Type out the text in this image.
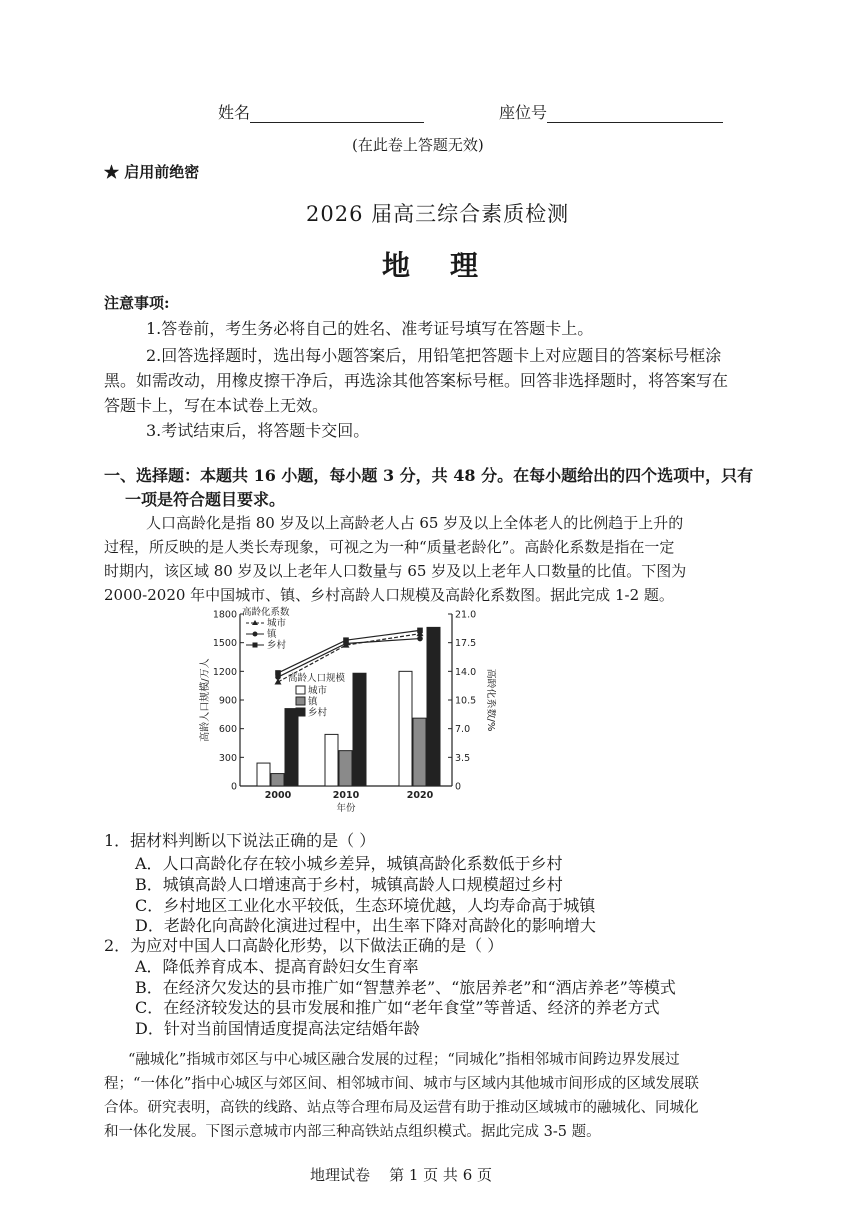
姓名	座位号
(在此卷上答题无效)
★ 启用前绝密
2026 届高三综合素质检测
地理
注意事项:
1.答卷前，考生务必将自己的姓名、准考证号填写在答题卡上。
2.回答选择题时，选出每小题答案后，用铅笔把答题卡上对应题目的答案标号框涂
黑。如需改动，用橡皮擦干净后，再选涂其他答案标号框。回答非选择题时，将答案写在
答题卡上，写在本试卷上无效。
3.考试结束后，将答题卡交回。
一、选择题：本题共 16 小题，每小题 3 分，共 48 分。在每小题给出的四个选项中，只有
一项是符合题目要求。
人口高龄化是指 80 岁及以上高龄老人占 65 岁及以上全体老人的比例趋于上升的
过程，所反映的是人类长寿现象，可视之为一种“质量老龄化”。高龄化系数是指在一定
时期内，该区域 80 岁及以上老年人口数量与 65 岁及以上老年人口数量的比值。下图为
2000-2020 年中国城市、镇、乡村高龄人口规模及高龄化系数图。据此完成 1-2 题。
0
300
600
900
1200
1500
1800
0
3.5
7.0
10.5
14.0
17.5
21.0
高龄人口规模/万人	高龄化系数/%
2000	2010	2020
年份
高龄化系数
城市
镇
乡村
高龄人口规模
城市
镇
乡村
1．据材料判断以下说法正确的是（ ）
A．人口高龄化存在较小城乡差异，城镇高龄化系数低于乡村
B．城镇高龄人口增速高于乡村，城镇高龄人口规模超过乡村
C．乡村地区工业化水平较低，生态环境优越，人均寿命高于城镇
D．老龄化向高龄化演进过程中，出生率下降对高龄化的影响增大
2．为应对中国人口高龄化形势，以下做法正确的是（ ）
A．降低养育成本、提高育龄妇女生育率
B．在经济欠发达的县市推广如“智慧养老”、“旅居养老”和“酒店养老”等模式
C．在经济较发达的县市发展和推广如“老年食堂”等普适、经济的养老方式
D．针对当前国情适度提高法定结婚年龄
“融城化”指城市郊区与中心城区融合发展的过程；“同城化”指相邻城市间跨边界发展过
程；“一体化”指中心城区与郊区间、相邻城市间、城市与区域内其他城市间形成的区域发展联
合体。研究表明，高铁的线路、站点等合理布局及运营有助于推动区域城市的融城化、同城化
和一体化发展。下图示意城市内部三种高铁站点组织模式。据此完成 3-5 题。
地理试卷    第 1 页 共 6 页
